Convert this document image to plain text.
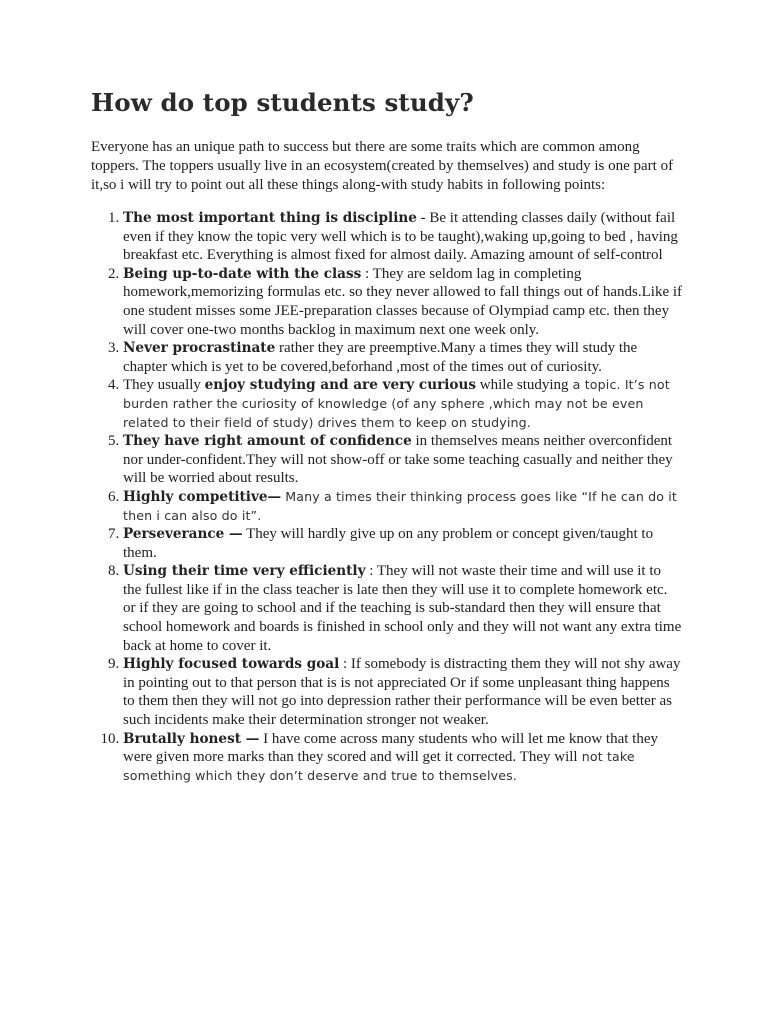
How do top students study?

Everyone has an unique path to success but there are some traits which are common among toppers. The toppers usually live in an ecosystem(created by themselves) and study is one part of it,so i will try to point out all these things along-with study habits in following points:

1. The most important thing is discipline - Be it attending classes daily (without fail even if they know the topic very well which is to be taught),waking up,going to bed , having breakfast etc. Everything is almost fixed for almost daily. Amazing amount of self-control
2. Being up-to-date with the class : They are seldom lag in completing homework,memorizing formulas etc. so they never allowed to fall things out of hands.Like if one student misses some JEE-preparation classes because of Olympiad camp etc. then they will cover one-two months backlog in maximum next one week only.
3. Never procrastinate rather they are preemptive.Many a times they will study the chapter which is yet to be covered,beforhand ,most of the times out of curiosity.
4. They usually enjoy studying and are very curious while studying a topic. It’s not burden rather the curiosity of knowledge (of any sphere ,which may not be even related to their field of study) drives them to keep on studying.
5. They have right amount of confidence in themselves means neither overconfident nor under-confident.They will not show-off or take some teaching casually and neither they will be worried about results.
6. Highly competitive— Many a times their thinking process goes like “If he can do it then i can also do it”.
7. Perseverance — They will hardly give up on any problem or concept given/taught to them.
8. Using their time very efficiently : They will not waste their time and will use it to the fullest like if in the class teacher is late then they will use it to complete homework etc. or if they are going to school and if the teaching is sub-standard then they will ensure that school homework and boards is finished in school only and they will not want any extra time back at home to cover it.
9. Highly focused towards goal : If somebody is distracting them they will not shy away in pointing out to that person that is is not appreciated Or if some unpleasant thing happens to them then they will not go into depression rather their performance will be even better as such incidents make their determination stronger not weaker.
10. Brutally honest — I have come across many students who will let me know that they were given more marks than they scored and will get it corrected. They will not take something which they don’t deserve and true to themselves.
